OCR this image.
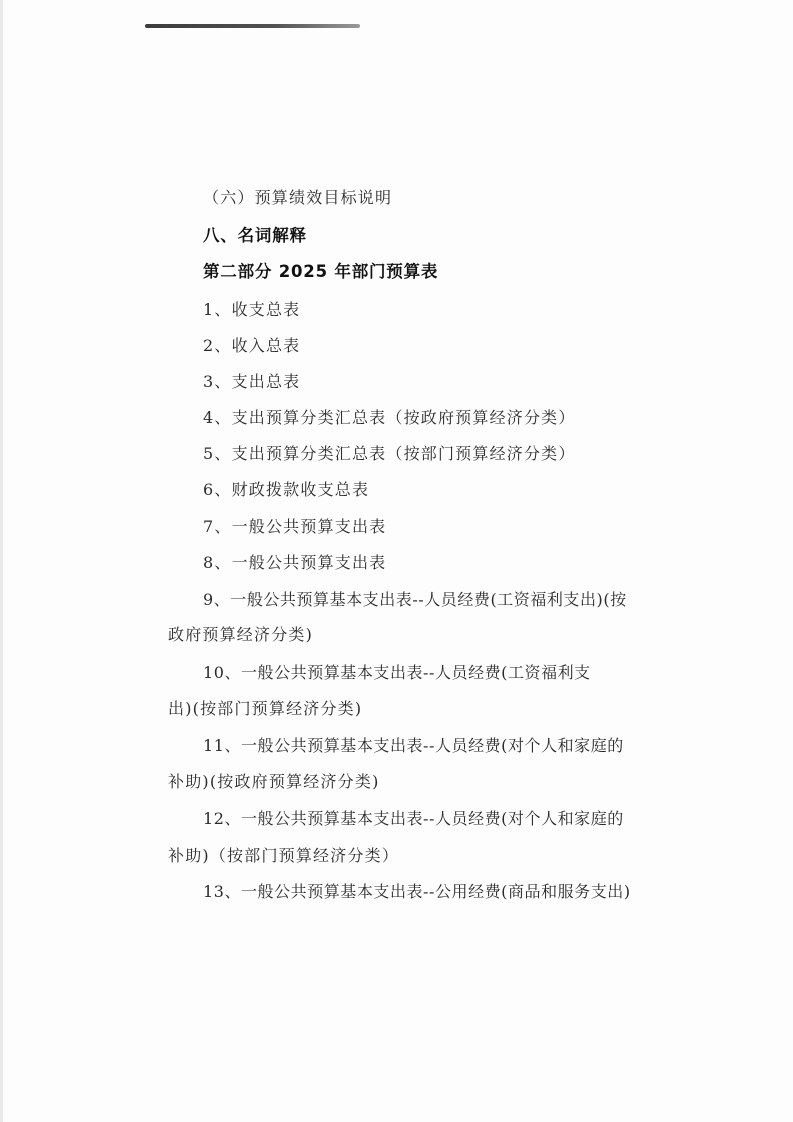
（六）预算绩效目标说明
八、名词解释
第二部分 2025 年部门预算表
1、收支总表
2、收入总表
3、支出总表
4、支出预算分类汇总表（按政府预算经济分类）
5、支出预算分类汇总表（按部门预算经济分类）
6、财政拨款收支总表
7、一般公共预算支出表
8、一般公共预算支出表
9、一般公共预算基本支出表--人员经费(工资福利支出)(按
政府预算经济分类)
10、一般公共预算基本支出表--人员经费(工资福利支
出)(按部门预算经济分类)
11、一般公共预算基本支出表--人员经费(对个人和家庭的
补助)(按政府预算经济分类)
12、一般公共预算基本支出表--人员经费(对个人和家庭的
补助)（按部门预算经济分类）
13、一般公共预算基本支出表--公用经费(商品和服务支出)
